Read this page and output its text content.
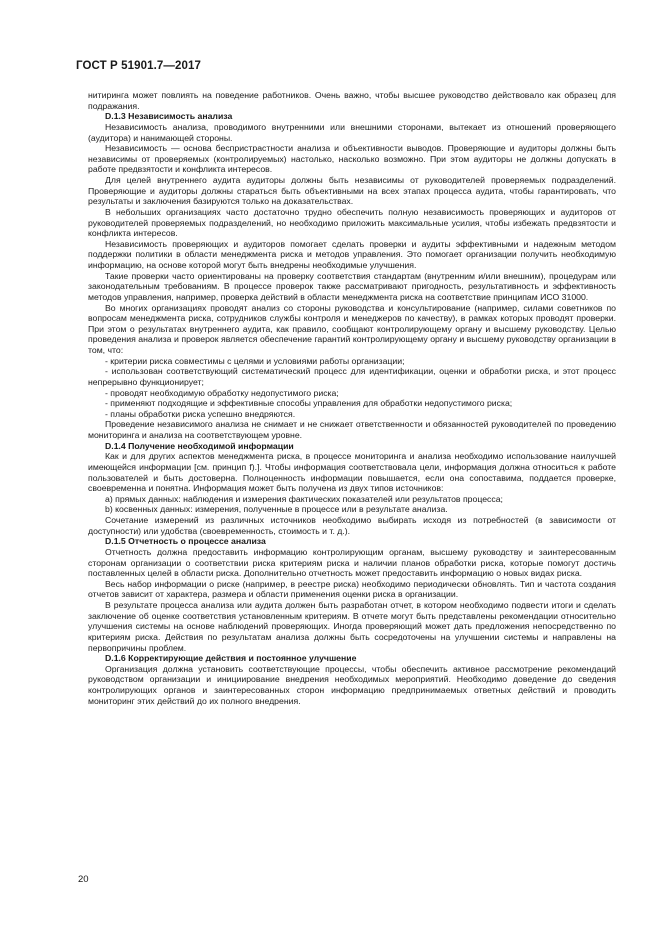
ГОСТ Р 51901.7—2017

нитиринга может повлиять на поведение работников. Очень важно, чтобы высшее руководство действовало как образец для подражания.

D.1.3 Независимость анализа

Независимость анализа, проводимого внутренними или внешними сторонами, вытекает из отношений проверяющего (аудитора) и нанимающей стороны.

Независимость — основа беспристрастности анализа и объективности выводов. Проверяющие и аудиторы должны быть независимы от проверяемых (контролируемых) настолько, насколько возможно. При этом аудиторы не должны допускать в работе предвзятости и конфликта интересов.

Для целей внутреннего аудита аудиторы должны быть независимы от руководителей проверяемых подразделений. Проверяющие и аудиторы должны стараться быть объективными на всех этапах процесса аудита, чтобы гарантировать, что результаты и заключения базируются только на доказательствах.

В небольших организациях часто достаточно трудно обеспечить полную независимость проверяющих и аудиторов от руководителей проверяемых подразделений, но необходимо приложить максимальные усилия, чтобы избежать предвзятости и конфликта интересов.

Независимость проверяющих и аудиторов помогает сделать проверки и аудиты эффективными и надежным методом поддержки политики в области менеджмента риска и методов управления. Это помогает организации получить необходимую информацию, на основе которой могут быть внедрены необходимые улучшения.

Такие проверки часто ориентированы на проверку соответствия стандартам (внутренним и/или внешним), процедурам или законодательным требованиям. В процессе проверок также рассматривают пригодность, результативность и эффективность методов управления, например, проверка действий в области менеджмента риска на соответствие принципам ИСО 31000.

Во многих организациях проводят анализ со стороны руководства и консультирование (например, силами советников по вопросам менеджмента риска, сотрудников службы контроля и менеджеров по качеству), в рамках которых проводят проверки. При этом о результатах внутреннего аудита, как правило, сообщают контролирующему органу и высшему руководству. Целью проведения анализа и проверок является обеспечение гарантий контролирующему органу и высшему руководству организации в том, что:

- критерии риска совместимы с целями и условиями работы организации;

- использован соответствующий систематический процесс для идентификации, оценки и обработки риска, и этот процесс непрерывно функционирует;

- проводят необходимую обработку недопустимого риска;

- применяют подходящие и эффективные способы управления для обработки недопустимого риска;

- планы обработки риска успешно внедряются.

Проведение независимого анализа не снимает и не снижает ответственности и обязанностей руководителей по проведению мониторинга и анализа на соответствующем уровне.

D.1.4 Получение необходимой информации

Как и для других аспектов менеджмента риска, в процессе мониторинга и анализа необходимо использование наилучшей имеющейся информации [см. принцип f).]. Чтобы информация соответствовала цели, информация должна относиться к работе пользователей и быть достоверна. Полноценность информации повышается, если она сопоставима, поддается проверке, своевременна и понятна. Информация может быть получена из двух типов источников:

а) прямых данных: наблюдения и измерения фактических показателей или результатов процесса;

b) косвенных данных: измерения, полученные в процессе или в результате анализа.

Сочетание измерений из различных источников необходимо выбирать исходя из потребностей (в зависимости от доступности) или удобства (своевременность, стоимость и т. д.).

D.1.5 Отчетность о процессе анализа

Отчетность должна предоставить информацию контролирующим органам, высшему руководству и заинтересованным сторонам организации о соответствии риска критериям риска и наличии планов обработки риска, которые помогут достичь поставленных целей в области риска. Дополнительно отчетность может предоставить информацию о новых видах риска.

Весь набор информации о риске (например, в реестре риска) необходимо периодически обновлять. Тип и частота создания отчетов зависит от характера, размера и области применения оценки риска в организации.

В результате процесса анализа или аудита должен быть разработан отчет, в котором необходимо подвести итоги и сделать заключение об оценке соответствия установленным критериям. В отчете могут быть представлены рекомендации относительно улучшения системы на основе наблюдений проверяющих. Иногда проверяющий может дать предложения непосредственно по критериям риска. Действия по результатам анализа должны быть сосредоточены на улучшении системы и направлены на первопричины проблем.

D.1.6 Корректирующие действия и постоянное улучшение

Организация должна установить соответствующие процессы, чтобы обеспечить активное рассмотрение рекомендаций руководством организации и инициирование внедрения необходимых мероприятий. Необходимо доведение до сведения контролирующих органов и заинтересованных сторон информацию предпринимаемых ответных действий и проводить мониторинг этих действий до их полного внедрения.

20
